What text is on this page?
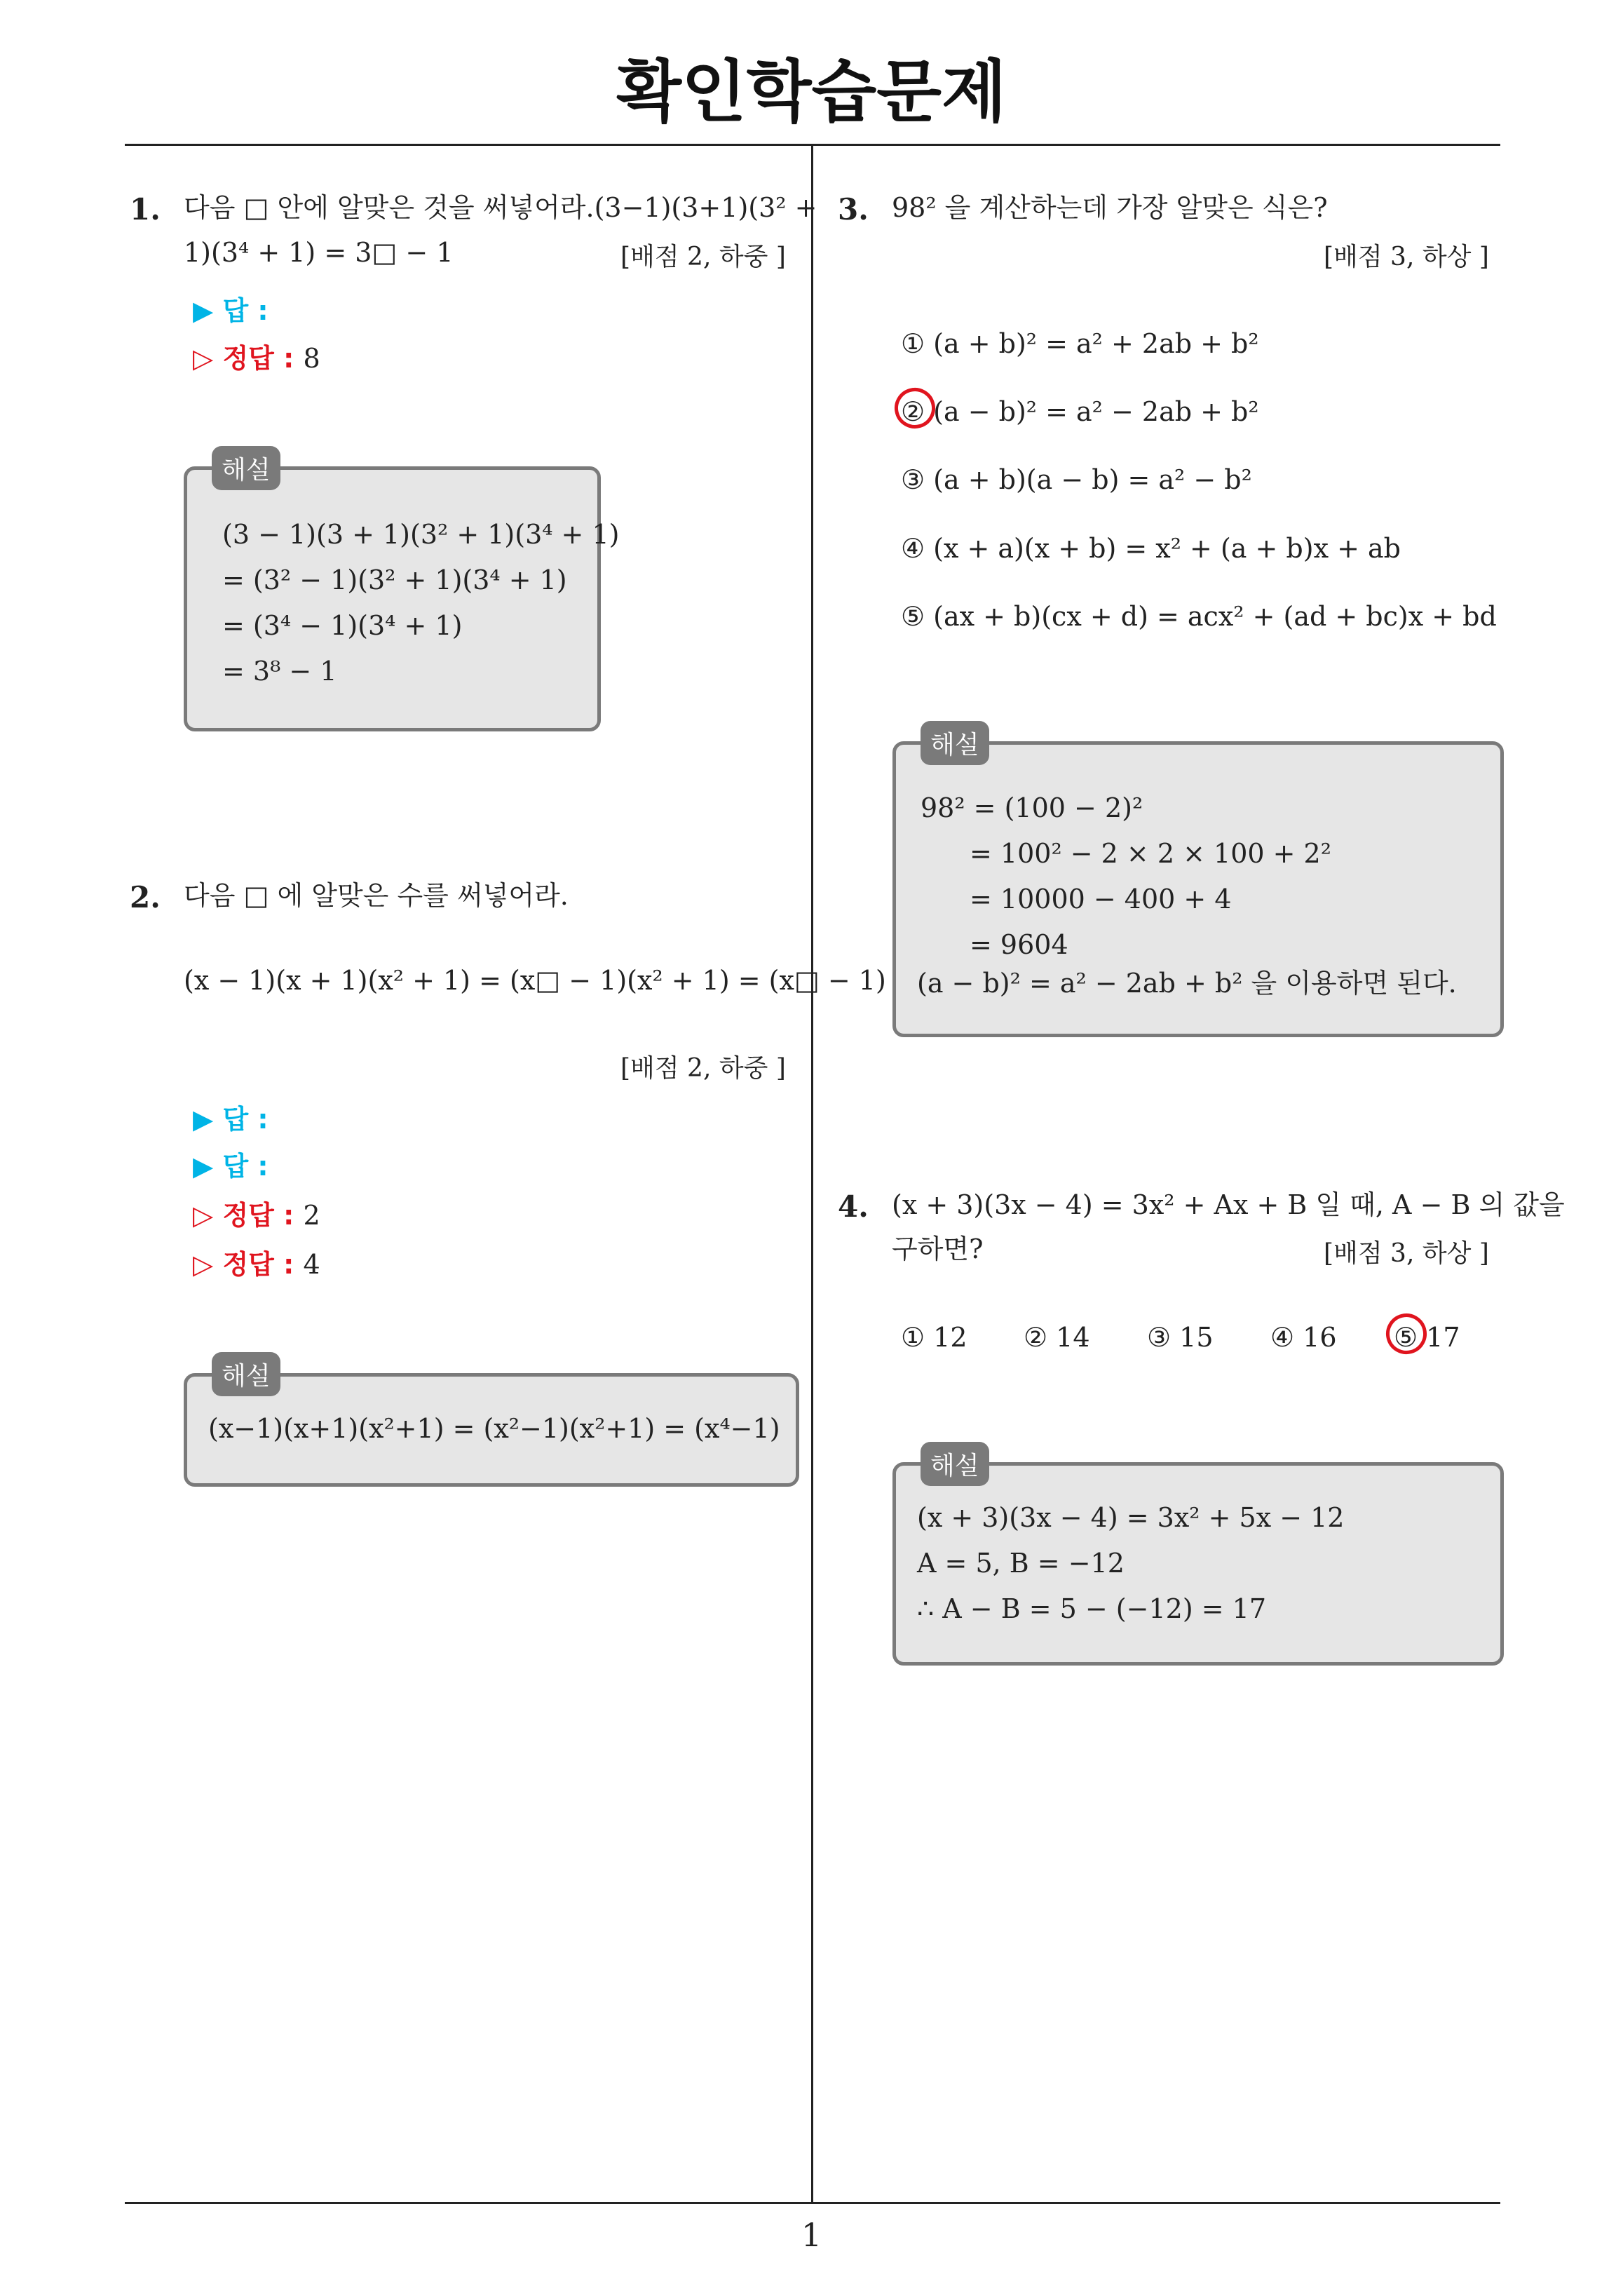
확인학습문제
1. 다음 □ 안에 알맞은 것을 써넣어라.(3−1)(3+1)(3² +
1)(3⁴ + 1) = 3□ − 1	[배점 2, 하중 ]
▶ 답 :
▷ 정답 : 8
(3 − 1)(3 + 1)(3² + 1)(3⁴ + 1)
= (3² − 1)(3² + 1)(3⁴ + 1)
= (3⁴ − 1)(3⁴ + 1)
= 3⁸ − 1
해설
2. 다음 □ 에 알맞은 수를 써넣어라.
(x − 1)(x + 1)(x² + 1) = (x□ − 1)(x² + 1) = (x□ − 1)
[배점 2, 하중 ]
▶ 답 :
▶ 답 :
▷ 정답 : 2
▷ 정답 : 4
(x−1)(x+1)(x²+1) = (x²−1)(x²+1) = (x⁴−1)
해설
3. 98² 을 계산하는데 가장 알맞은 식은?
[배점 3, 하상 ]
① (a + b)² = a² + 2ab + b²
② (a − b)² = a² − 2ab + b²
③ (a + b)(a − b) = a² − b²
④ (x + a)(x + b) = x² + (a + b)x + ab
⑤ (ax + b)(cx + d) = acx² + (ad + bc)x + bd
98² = (100 − 2)²
= 100² − 2 × 2 × 100 + 2²
= 10000 − 400 + 4
= 9604
(a − b)² = a² − 2ab + b² 을 이용하면 된다.
해설
4. (x + 3)(3x − 4) = 3x² + Ax + B 일 때, A − B 의 값을
구하면?	[배점 3, 하상 ]
① 12 ② 14 ③ 15 ④ 16 ⑤ 17
(x + 3)(3x − 4) = 3x² + 5x − 12
A = 5, B = −12
∴ A − B = 5 − (−12) = 17
해설
1
